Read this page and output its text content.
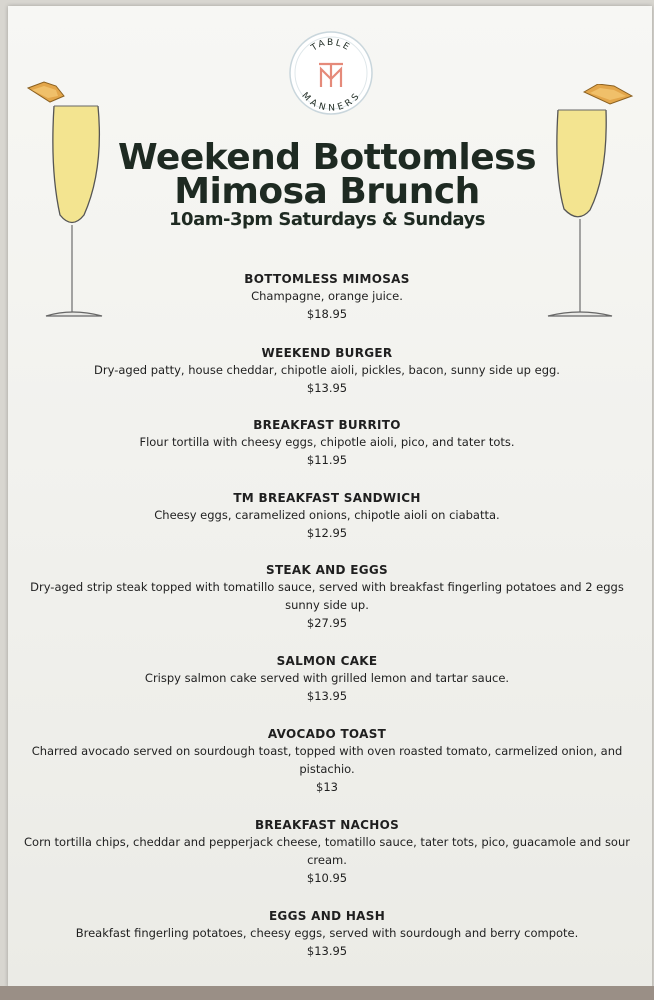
TABLE
MANNERS
Weekend Bottomless
Mimosa Brunch
10am-3pm Saturdays & Sundays
BOTTOMLESS MIMOSAS
Champagne, orange juice.
$18.95
WEEKEND BURGER
Dry-aged patty, house cheddar, chipotle aioli, pickles, bacon, sunny side up egg.
$13.95
BREAKFAST BURRITO
Flour tortilla with cheesy eggs, chipotle aioli, pico, and tater tots.
$11.95
TM BREAKFAST SANDWICH
Cheesy eggs, caramelized onions, chipotle aioli on ciabatta.
$12.95
STEAK AND EGGS
Dry-aged strip steak topped with tomatillo sauce, served with breakfast fingerling potatoes and 2 eggs sunny side up.
$27.95
SALMON CAKE
Crispy salmon cake served with grilled lemon and tartar sauce.
$13.95
AVOCADO TOAST
Charred avocado served on sourdough toast, topped with oven roasted tomato, carmelized onion, and pistachio.
$13
BREAKFAST NACHOS
Corn tortilla chips, cheddar and pepperjack cheese, tomatillo sauce, tater tots, pico, guacamole and sour cream.
$10.95
EGGS AND HASH
Breakfast fingerling potatoes, cheesy eggs, served with sourdough and berry compote.
$13.95
